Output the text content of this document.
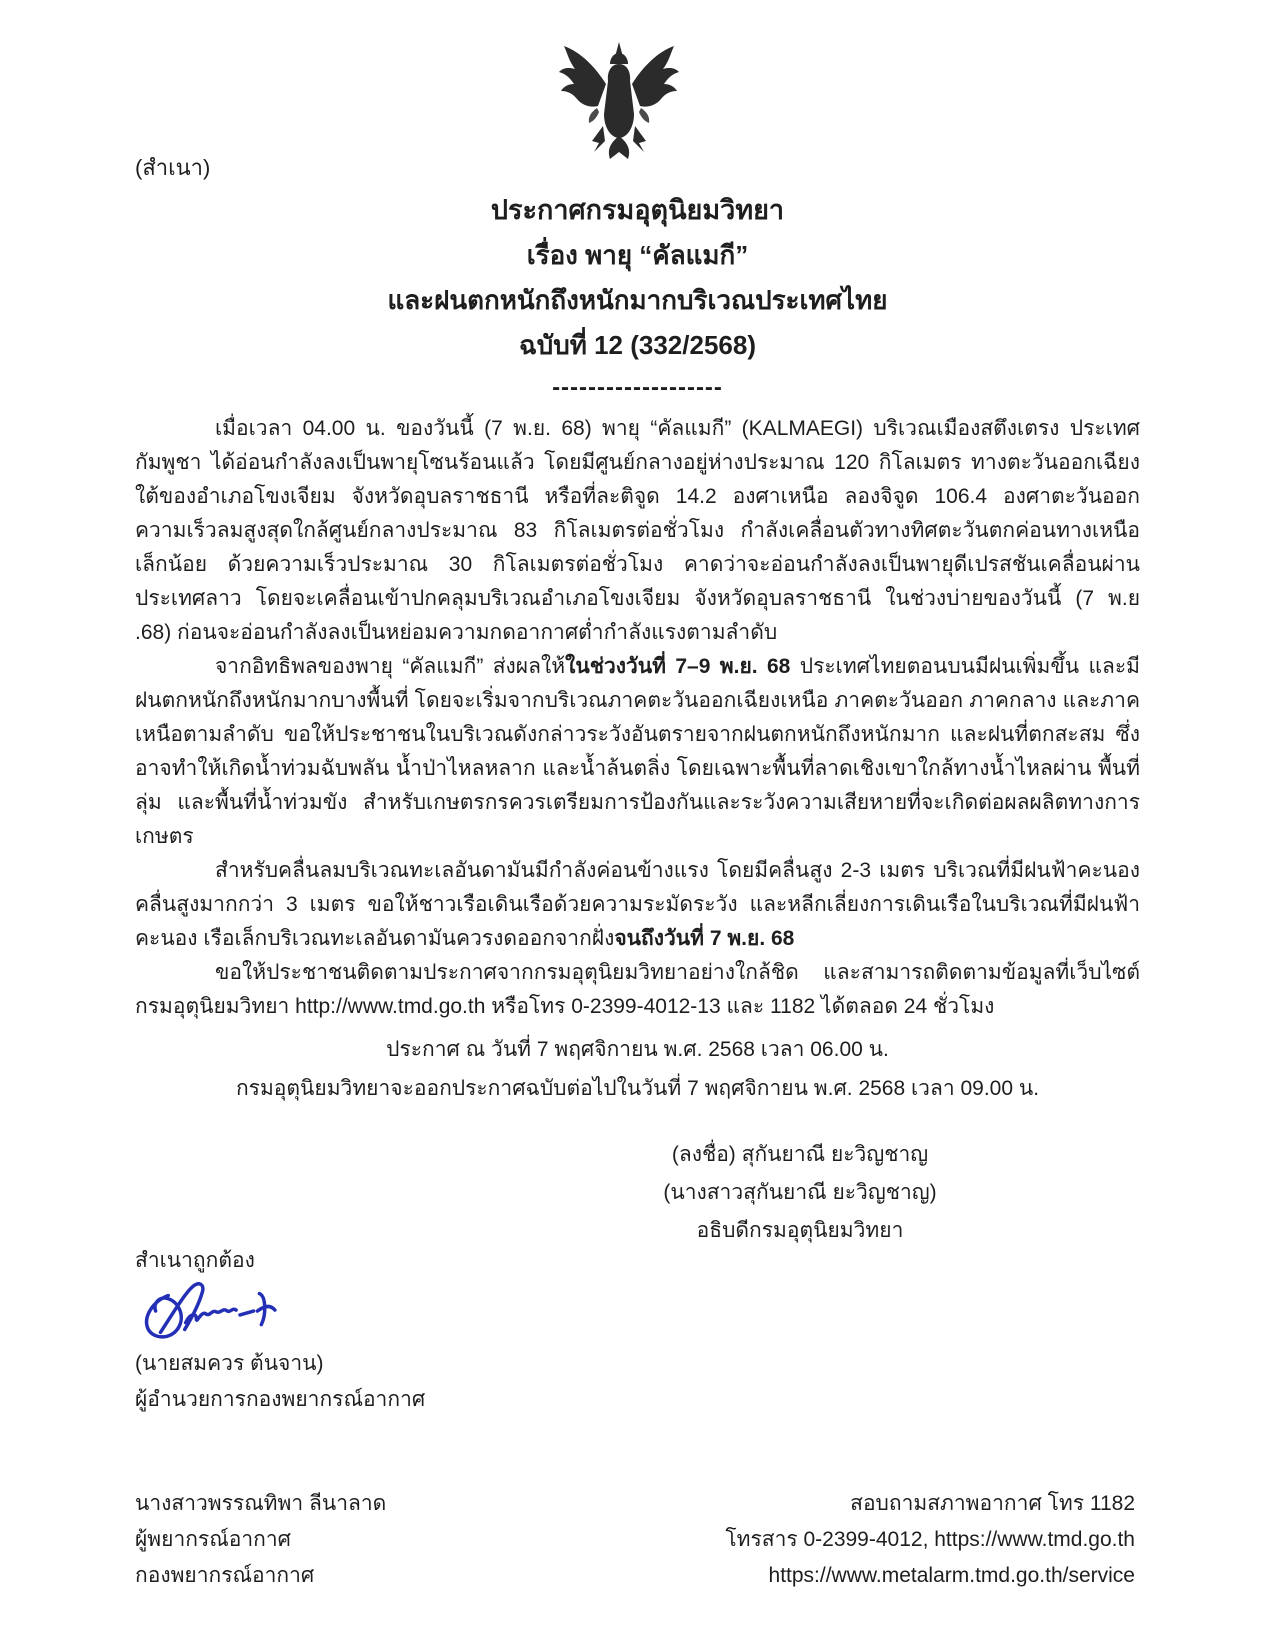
(สำเนา)
ประกาศกรมอุตุนิยมวิทยา
เรื่อง พายุ “คัลแมกี”
และฝนตกหนักถึงหนักมากบริเวณประเทศไทย
ฉบับที่ 12 (332/2568)
-------------------

เมื่อเวลา 04.00 น. ของวันนี้ (7 พ.ย. 68) พายุ “คัลแมกี” (KALMAEGI) บริเวณเมืองสตึงเตรง ประเทศกัมพูชา ได้อ่อนกำลังลงเป็นพายุโซนร้อนแล้ว โดยมีศูนย์กลางอยู่ห่างประมาณ 120 กิโลเมตร ทางตะวันออกเฉียงใต้ของอำเภอโขงเจียม จังหวัดอุบลราชธานี หรือที่ละติจูด 14.2 องศาเหนือ ลองจิจูด 106.4 องศาตะวันออก ความเร็วลมสูงสุดใกล้ศูนย์กลางประมาณ 83 กิโลเมตรต่อชั่วโมง กำลังเคลื่อนตัวทางทิศตะวันตกค่อนทางเหนือเล็กน้อย ด้วยความเร็วประมาณ 30 กิโลเมตรต่อชั่วโมง คาดว่าจะอ่อนกำลังลงเป็นพายุดีเปรสชันเคลื่อนผ่านประเทศลาว โดยจะเคลื่อนเข้าปกคลุมบริเวณอำเภอโขงเจียม จังหวัดอุบลราชธานี ในช่วงบ่ายของวันนี้ (7 พ.ย .68) ก่อนจะอ่อนกำลังลงเป็นหย่อมความกดอากาศต่ำกำลังแรงตามลำดับ

จากอิทธิพลของพายุ “คัลแมกี” ส่งผลให้ในช่วงวันที่ 7–9 พ.ย. 68 ประเทศไทยตอนบนมีฝนเพิ่มขึ้น และมีฝนตกหนักถึงหนักมากบางพื้นที่ โดยจะเริ่มจากบริเวณภาคตะวันออกเฉียงเหนือ ภาคตะวันออก ภาคกลาง และภาคเหนือตามลำดับ ขอให้ประชาชนในบริเวณดังกล่าวระวังอันตรายจากฝนตกหนักถึงหนักมาก และฝนที่ตกสะสม ซึ่งอาจทำให้เกิดน้ำท่วมฉับพลัน น้ำป่าไหลหลาก และน้ำล้นตลิ่ง โดยเฉพาะพื้นที่ลาดเชิงเขาใกล้ทางน้ำไหลผ่าน พื้นที่ลุ่ม และพื้นที่น้ำท่วมขัง สำหรับเกษตรกรควรเตรียมการป้องกันและระวังความเสียหายที่จะเกิดต่อผลผลิตทางการเกษตร

สำหรับคลื่นลมบริเวณทะเลอันดามันมีกำลังค่อนข้างแรง โดยมีคลื่นสูง 2-3 เมตร บริเวณที่มีฝนฟ้าคะนองคลื่นสูงมากกว่า 3 เมตร ขอให้ชาวเรือเดินเรือด้วยความระมัดระวัง และหลีกเลี่ยงการเดินเรือในบริเวณที่มีฝนฟ้าคะนอง เรือเล็กบริเวณทะเลอันดามันควรงดออกจากฝั่งจนถึงวันที่ 7 พ.ย. 68

ขอให้ประชาชนติดตามประกาศจากกรมอุตุนิยมวิทยาอย่างใกล้ชิด และสามารถติดตามข้อมูลที่เว็บไซต์ กรมอุตุนิยมวิทยา http://www.tmd.go.th หรือโทร 0-2399-4012-13 และ 1182 ได้ตลอด 24 ชั่วโมง

ประกาศ ณ วันที่ 7 พฤศจิกายน พ.ศ. 2568 เวลา 06.00 น.
กรมอุตุนิยมวิทยาจะออกประกาศฉบับต่อไปในวันที่ 7 พฤศจิกายน พ.ศ. 2568 เวลา 09.00 น.
(ลงชื่อ) สุกันยาณี ยะวิญชาญ
(นางสาวสุกันยาณี ยะวิญชาญ)
อธิบดีกรมอุตุนิยมวิทยา
สำเนาถูกต้อง
(นายสมควร ต้นจาน)
ผู้อำนวยการกองพยากรณ์อากาศ
นางสาวพรรณทิพา ลีนาลาด
ผู้พยากรณ์อากาศ
กองพยากรณ์อากาศ
สอบถามสภาพอากาศ โทร 1182
โทรสาร 0-2399-4012, https://www.tmd.go.th
https://www.metalarm.tmd.go.th/service
